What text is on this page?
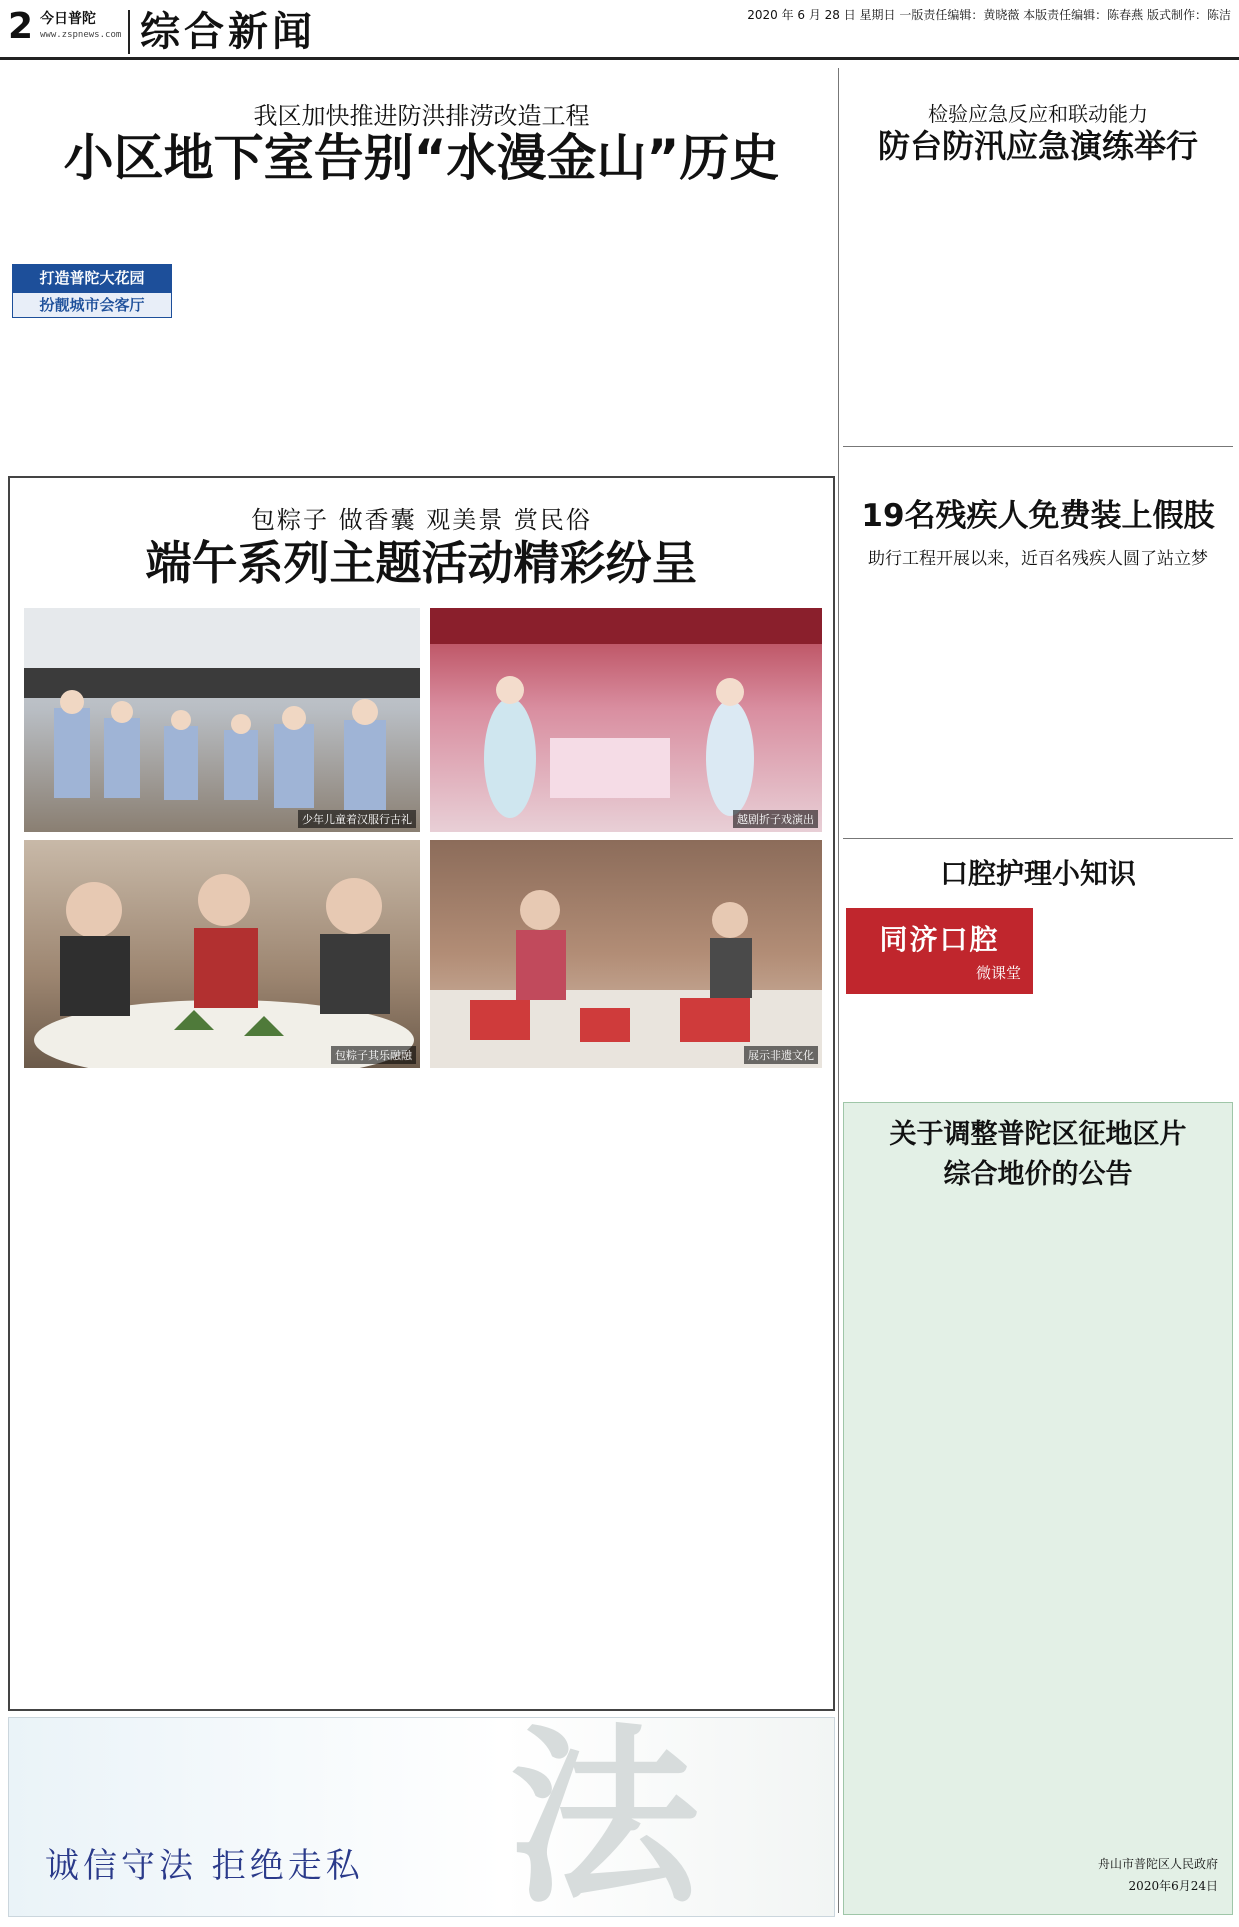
2 今日普陀
www.zspnews.com 综合新闻	2020 年 6 月 28 日 星期日 一版责任编辑：黄晓薇 本版责任编辑：陈春燕 版式制作：陈洁
我区加快推进防洪排涝改造工程
小区地下室告别“水漫金山”历史
打造普陀大花园
扮靓城市会客厅

检验应急反应和联动能力
防台防汛应急演练举行

19名残疾人免费装上假肢
助行工程开展以来，近百名残疾人圆了站立梦

口腔护理小知识
同济口腔
微课堂

包粽子 做香囊 观美景 赏民俗
端午系列主题活动精彩纷呈
少年儿童着汉服行古礼	越剧折子戏演出
包粽子其乐融融	展示非遗文化

关于调整普陀区征地区片
综合地价的公告

舟山市普陀区人民政府
2020年6月24日
法
诚信守法 拒绝走私
